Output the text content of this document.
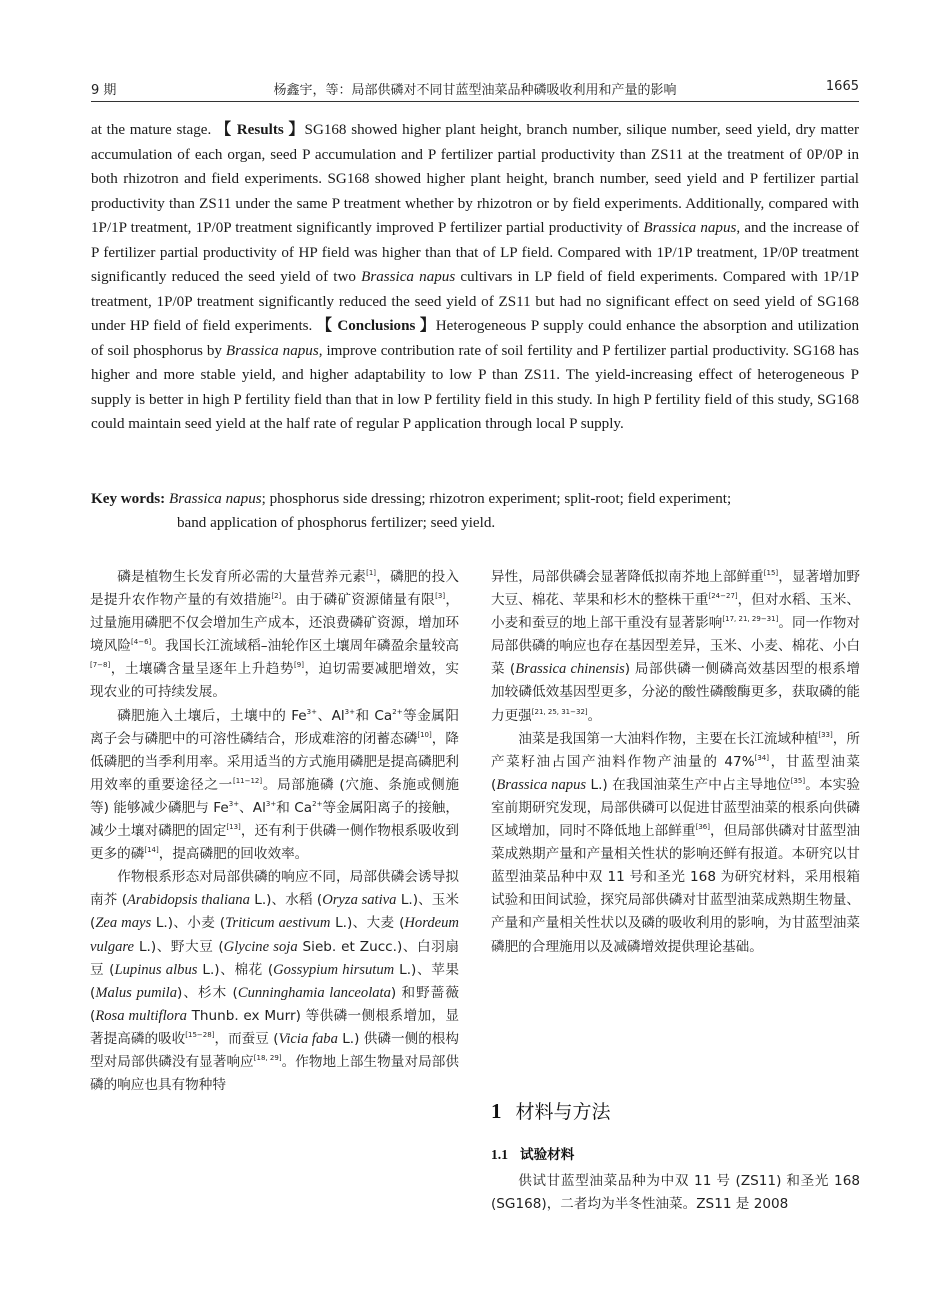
9 期	杨鑫宇，等：局部供磷对不同甘蓝型油菜品种磷吸收利用和产量的影响	1665

at the mature stage. 【 Results 】SG168 showed higher plant height, branch number, silique number, seed yield, dry matter accumulation of each organ, seed P accumulation and P fertilizer partial productivity than ZS11 at the treatment of 0P/0P in both rhizotron and field experiments. SG168 showed higher plant height, branch number, seed yield and P fertilizer partial productivity than ZS11 under the same P treatment whether by rhizotron or by field experiments. Additionally, compared with 1P/1P treatment, 1P/0P treatment significantly improved P fertilizer partial productivity of Brassica napus, and the increase of P fertilizer partial productivity of HP field was higher than that of LP field. Compared with 1P/1P treatment, 1P/0P treatment significantly reduced the seed yield of two Brassica napus cultivars in LP field of field experiments. Compared with 1P/1P treatment, 1P/0P treatment significantly reduced the seed yield of ZS11 but had no significant effect on seed yield of SG168 under HP field of field experiments. 【 Conclusions 】Heterogeneous P supply could enhance the absorption and utilization of soil phosphorus by Brassica napus, improve contribution rate of soil fertility and P fertilizer partial productivity. SG168 has higher and more stable yield, and higher adaptability to low P than ZS11. The yield-increasing effect of heterogeneous P supply is better in high P fertility field than that in low P fertility field in this study. In high P fertility field of this study, SG168 could maintain seed yield at the half rate of regular P application through local P supply.

Key words: Brassica napus; phosphorus side dressing; rhizotron experiment; split-root; field experiment;
band application of phosphorus fertilizer; seed yield.

磷是植物生长发育所必需的大量营养元素[1]，磷肥的投入是提升农作物产量的有效措施[2]。由于磷矿资源储量有限[3]，过量施用磷肥不仅会增加生产成本，还浪费磷矿资源，增加环境风险[4−6]。我国长江流域稻–油轮作区土壤周年磷盈余量较高[7−8]，土壤磷含量呈逐年上升趋势[9]，迫切需要减肥增效，实现农业的可持续发展。

磷肥施入土壤后，土壤中的 $Fe^{3+}$、$Al^{3+}$和 $Ca^{2+}$等金属阳离子会与磷肥中的可溶性磷结合，形成难溶的闭蓄态磷[10]，降低磷肥的当季利用率。采用适当的方式施用磷肥是提高磷肥利用效率的重要途径之一[11−12]。局部施磷 (穴施、条施或侧施等) 能够减少磷肥与 $Fe^{3+}$、$Al^{3+}$和 $Ca^{2+}$等金属阳离子的接触，减少土壤对磷肥的固定[13]，还有利于供磷一侧作物根系吸收到更多的磷[14]，提高磷肥的回收效率。

作物根系形态对局部供磷的响应不同，局部供磷会诱导拟南芥 (Arabidopsis thaliana L.)、水稻 (Oryza sativa L.)、玉米 (Zea mays L.)、小麦 (Triticum aestivum L.)、大麦 (Hordeum vulgare L.)、野大豆 (Glycine soja Sieb. et Zucc.)、白羽扇豆 (Lupinus albus L.)、棉花 (Gossypium hirsutum L.)、苹果 (Malus pumila)、杉木 (Cunninghamia lanceolata) 和野蔷薇 (Rosa multiflora Thunb. ex Murr) 等供磷一侧根系增加，显著提高磷的吸收[15−28]，而蚕豆 (Vicia faba L.) 供磷一侧的根构型对局部供磷没有显著响应[18, 29]。作物地上部生物量对局部供磷的响应也具有物种特

异性，局部供磷会显著降低拟南芥地上部鲜重[15]，显著增加野大豆、棉花、苹果和杉木的整株干重[24−27]，但对水稻、玉米、小麦和蚕豆的地上部干重没有显著影响[17, 21, 29−31]。同一作物对局部供磷的响应也存在基因型差异，玉米、小麦、棉花、小白菜 (Brassica chinensis) 局部供磷一侧磷高效基因型的根系增加较磷低效基因型更多，分泌的酸性磷酸酶更多，获取磷的能力更强[21, 25, 31−32]。

油菜是我国第一大油料作物，主要在长江流域种植[33]，所产菜籽油占国产油料作物产油量的 47%[34]，甘蓝型油菜 (Brassica napus L.) 在我国油菜生产中占主导地位[35]。本实验室前期研究发现，局部供磷可以促进甘蓝型油菜的根系向供磷区域增加，同时不降低地上部鲜重[36]，但局部供磷对甘蓝型油菜成熟期产量和产量相关性状的影响还鲜有报道。本研究以甘蓝型油菜品种中双 11 号和圣光 168 为研究材料，采用根箱试验和田间试验，探究局部供磷对甘蓝型油菜成熟期生物量、产量和产量相关性状以及磷的吸收利用的影响，为甘蓝型油菜磷肥的合理施用以及减磷增效提供理论基础。

1 材料与方法
1.1 试验材料

供试甘蓝型油菜品种为中双 11 号 (ZS11) 和圣光 168 (SG168)，二者均为半冬性油菜。ZS11 是 2008
